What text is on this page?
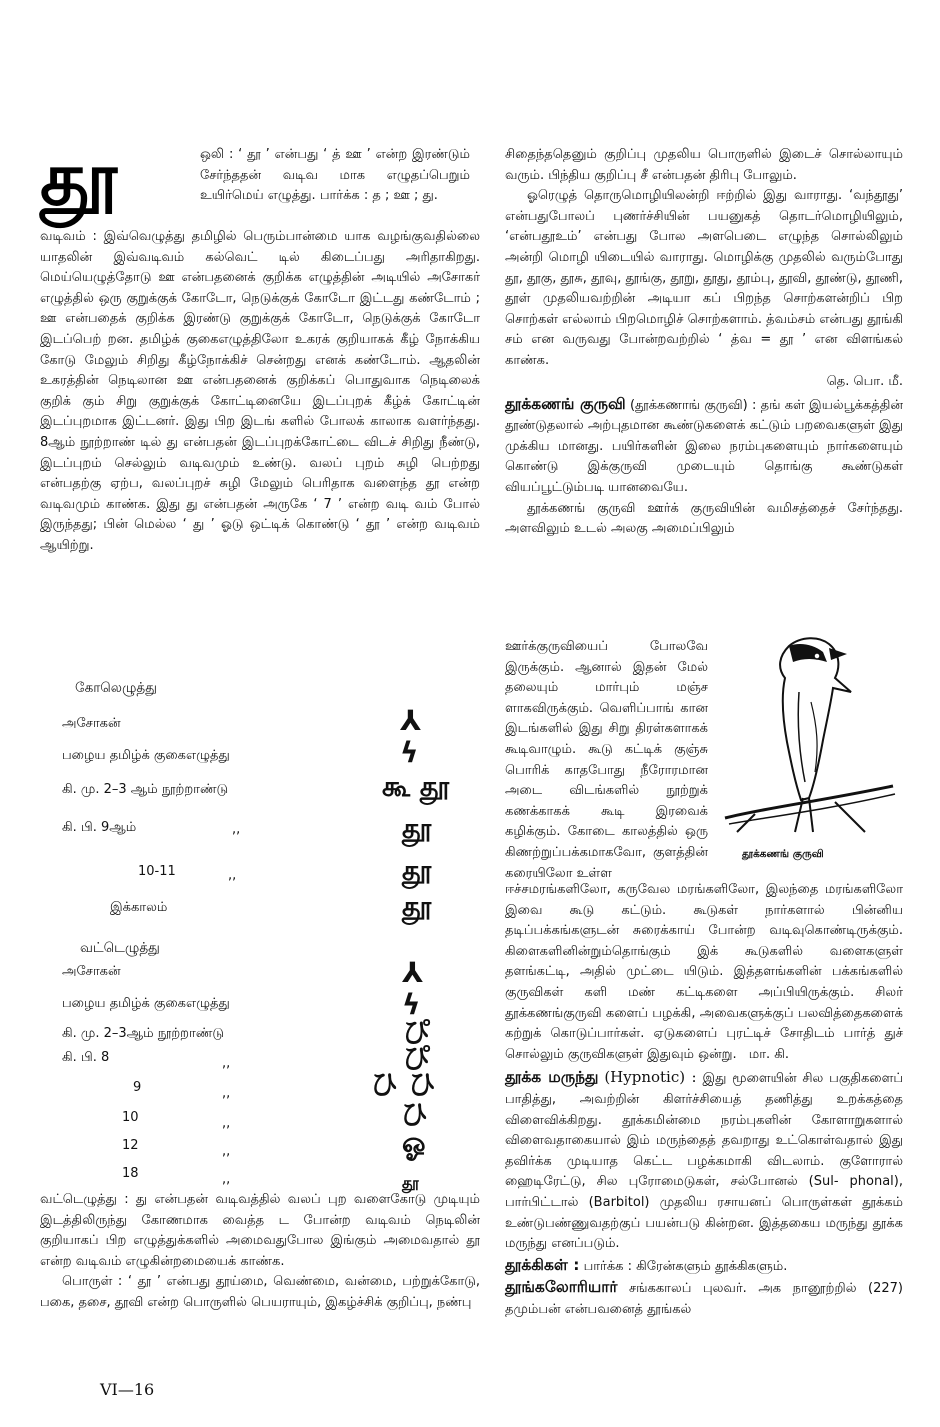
தூ	ஒலி : ‘ தூ ’ என்பது ‘ த் ஊ ’ என்ற இரண்டும் சேர்ந்ததன் வடிவ மாக எழுதப்பெறும் உயிர்மெய் எழுத்து. பார்க்க : த ; ஊ ; து.

வடிவம் : இவ்வெழுத்து தமிழில் பெரும்பான்மை யாக வழங்குவதில்லை யாதலின் இவ்வடிவம் கல்வெட் டில் கிடைப்பது அரிதாகிறது. மெய்யெழுத்தோடு ஊ என்பதனைக் குறிக்க எழுத்தின் அடியில் அசோகர் எழுத்தில் ஒரு குறுக்குக் கோடோ, நெடுக்குக் கோடோ இட்டது கண்டோம் ; ஊ என்பதைக் குறிக்க இரண்டு குறுக்குக் கோடோ, நெடுக்குக் கோடோ இடப்பெற் றன. தமிழ்க் குகைஎழுத்திலோ உகரக் குறியாகக் கீழ் நோக்கிய கோடு மேலும் சிறிது கீழ்நோக்கிச் சென்றது எனக் கண்டோம். ஆதலின் உகரத்தின் நெடிலான ஊ என்பதனைக் குறிக்கப் பொதுவாக நெடிலைக் குறிக் கும் சிறு குறுக்குக் கோட்டினையே இடப்புறக் கீழ்க் கோட்டின் இடப்புறமாக இட்டனர். இது பிற இடங் களில் போலக் காலாக வளர்ந்தது. 8ஆம் நூற்றாண் டில் து என்பதன் இடப்புறக்கோட்டை விடச் சிறிது நீண்டு, இடப்புறம் செல்லும் வடிவமும் உண்டு. வலப் புறம் சுழி பெற்றது என்பதற்கு ஏற்ப, வலப்புறச் சுழி மேலும் பெரிதாக வளைந்த தூ என்ற வடிவமும் காண்க. இது து என்பதன் அருகே ‘ 7 ’ என்ற வடி வம் போல் இருந்தது; பின் மெல்ல ‘ து ’ ஓடு ஒட்டிக் கொண்டு ‘ தூ ’ என்ற வடிவம் ஆயிற்று.

கோலெழுத்து
அசோகன்	⅄
பழைய தமிழ்க் குகைஎழுத்து	ϟ
கி. மு. 2–3 ஆம் நூற்றாண்டு	கூ தூ
கி. பி. 9ஆம்	,,	தூ
10-11	,,	தூ
இக்காலம்	தூ
வட்டெழுத்து
அசோகன்	⅄
பழைய தமிழ்க் குகைஎழுத்து	ϟ
கி. மு. 2–3ஆம் நூற்றாண்டு	ぴ
கி. பி. 8	,,	ぴ
9	,,	ひ ひ
10	,,	ひ
12	,,	ஓ
18	,,	தூ

வட்டெழுத்து : து என்பதன் வடிவத்தில் வலப் புற வளைகோடு முடியும் இடத்திலிருந்து கோணமாக வைத்த ட போன்ற வடிவம் நெடிலின் குறியாகப் பிற எழுத்துக்களில் அமைவதுபோல இங்கும் அமைவதால் தூ என்ற வடிவம் எழுகின்றமையைக் காண்க.

பொருள் : ‘ தூ ’ என்பது தூய்மை, வெண்மை, வன்மை, பற்றுக்கோடு, பகை, தசை, தூவி என்ற பொருளில் பெயராயும், இகழ்ச்சிக் குறிப்பு, நண்பு

VI—16

சிதைந்ததெனும் குறிப்பு முதலிய பொருளில் இடைச் சொல்லாயும் வரும். பிந்திய குறிப்பு சீ என்பதன் திரிபு போலும்.

ஓரெழுத் தொருமொழியிலன்றி ஈற்றில் இது வாராது. ‘வந்தூது’ என்பதுபோலப் புணர்ச்சியின் பயனுகத் தொடர்மொழியிலும், ‘என்பதூஉம்’ என்பது போல அளபெடை எழுந்த சொல்லிலும் அன்றி மொழி யிடையில் வாராது. மொழிக்கு முதலில் வரும்போது தூ, தூகு, தூசு, தூவு, தூங்கு, தூறு, தூது, தூம்பு, தூவி, தூண்டு, தூணி, தூள் முதலியவற்றின் அடியா கப் பிறந்த சொற்களன்றிப் பிற சொற்கள் எல்லாம் பிறமொழிச் சொற்களாம். த்வம்சம் என்பது தூங்கி சம் என வருவது போன்றவற்றில் ‘ த்வ = தூ ’ என விளங்கல் காண்க.

தெ. பொ. மீ.

தூக்கணங் குருவி (தூக்கணாங் குருவி) : தங் கள் இயல்பூக்கத்தின் தூண்டுதலால் அற்புதமான கூண்டுகளைக் கட்டும் பறவைகளுள் இது முக்கிய மானது. பயிர்களின் இலை நரம்புகளையும் நார்களையும் கொண்டு இக்குருவி முடையும் தொங்கு கூண்டுகள் வியப்பூட்டும்படி யானவையே.

தூக்கணங் குருவி ஊர்க் குருவியின் வமிசத்தைச் சேர்ந்தது. அளவிலும் உடல் அலகு அமைப்பிலும்

ஊர்க்குருவியைப் போலவே இருக்கும். ஆனால் இதன் மேல் தலையும் மார்பும் மஞ்ச ளாகவிருக்கும். வெளிப்பாங் கான இடங்களில் இது சிறு திரள்களாகக் கூடிவாழும். கூடு கட்டிக் குஞ்சு பொரிக் காதபோது நீரோரமான அடை விடங்களில் நூற்றுக் கணக்காகக் கூடி இரவைக் கழிக்கும். கோடை காலத்தில் ஒரு கிணற்றுப்பக்கமாகவோ, குளத்தின் கரையிலோ உள்ள

தூக்கணங் குருவி

ஈச்சமரங்களிலோ, கருவேல மரங்களிலோ, இலந்தை மரங்களிலோ இவை கூடு கட்டும். கூடுகள் நார்களால் பின்னிய தடிப்பக்கங்களுடன் சுரைக்காய் போன்ற வடிவுகொண்டிருக்கும். கிளைகளினின்றும்தொங்கும் இக் கூடுகளில் வளைகளுள் தளங்கட்டி, அதில் முட்டை யிடும். இத்தளங்களின் பக்கங்களில் குருவிகள் களி மண் கட்டிகளை அப்பியிருக்கும். சிலர் தூக்கணங்குருவி களைப் பழக்கி, அவைகளுக்குப் பலவித்தைகளைக் கற்றுக் கொடுப்பார்கள். ஏடுகளைப் புரட்டிச் சோதிடம் பார்த் துச் சொல்லும் குருவிகளுள் இதுவும் ஒன்று. மா. கி.

தூக்க மருந்து (Hypnotic) : இது மூளையின் சில பகுதிகளைப் பாதித்து, அவற்றின் கிளர்ச்சியைத் தணித்து உறக்கத்தை விளைவிக்கிறது. தூக்கமின்மை நரம்புகளின் கோளாறுகளால் விளைவதாகையால் இம் மருந்தைத் தவறாது உட்கொள்வதால் இது தவிர்க்க முடியாத கெட்ட பழக்கமாகி விடலாம். குளோரால் ஹைடிரேட்டு, சில புரோமைடுகள், சல்போனல் (Sul- phonal), பார்பிட்டால் (Barbitol) முதலிய ரசாயனப் பொருள்கள் தூக்கம் உண்டுபண்ணுவதற்குப் பயன்படு கின்றன. இத்தகைய மருந்து தூக்க மருந்து எனப்படும்.

தூக்கிகள் : பார்க்க : கிரேன்களும் தூக்கிகளும்.

தூங்கலோரியார் சங்ககாலப் புலவர். அக நானூற்றில் (227) தமும்பன் என்பவனைத் தூங்கல்
